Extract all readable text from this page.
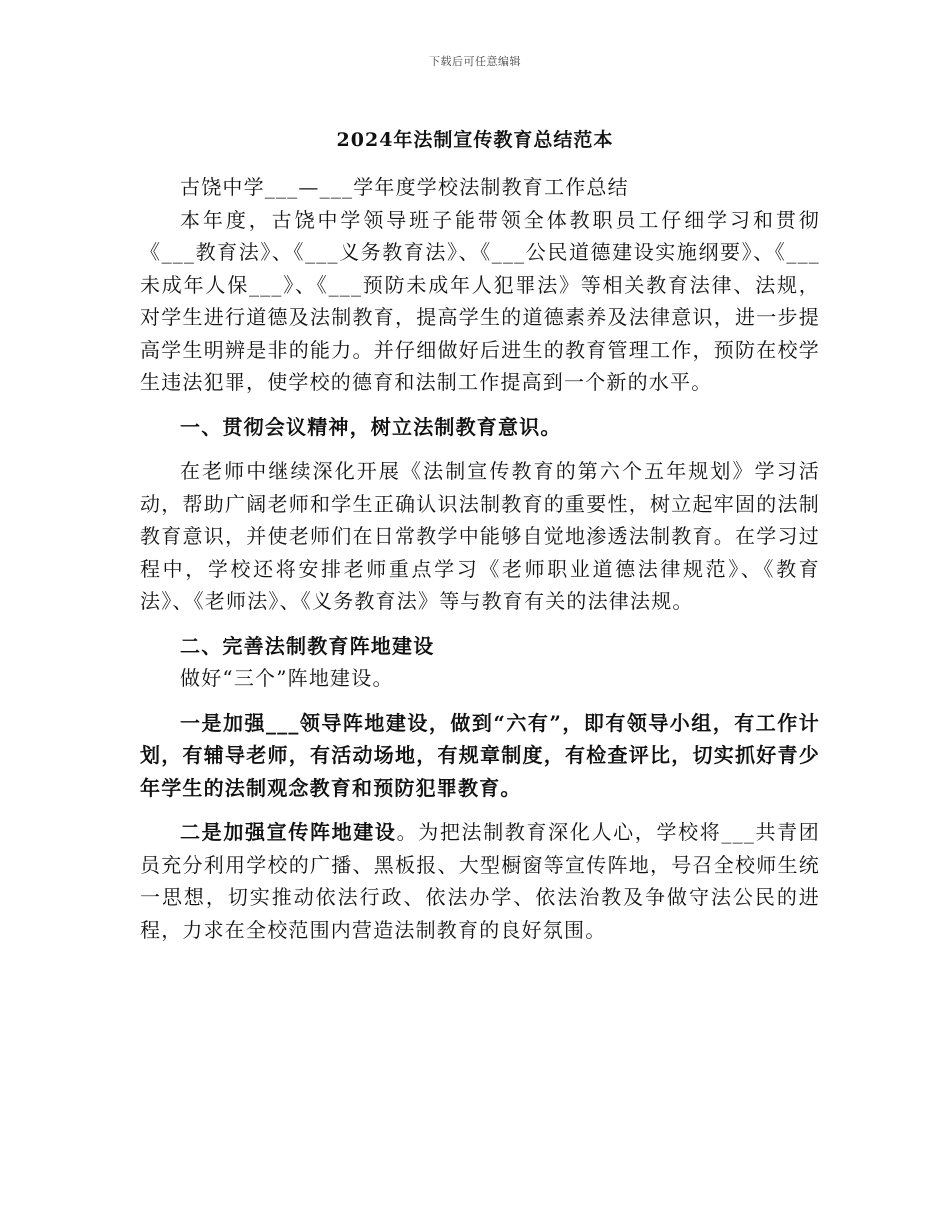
下载后可任意编辑
2024年法制宣传教育总结范本

古饶中学___—___学年度学校法制教育工作总结

本年度，古饶中学领导班子能带领全体教职员工仔细学习和贯彻《___教育法》、《___义务教育法》、《___公民道德建设实施纲要》、《___未成年人保___》、《___预防未成年人犯罪法》等相关教育法律、法规，对学生进行道德及法制教育，提高学生的道德素养及法律意识，进一步提高学生明辨是非的能力。并仔细做好后进生的教育管理工作，预防在校学生违法犯罪，使学校的德育和法制工作提高到一个新的水平。

一、贯彻会议精神，树立法制教育意识。

在老师中继续深化开展《法制宣传教育的第六个五年规划》学习活动，帮助广阔老师和学生正确认识法制教育的重要性，树立起牢固的法制教育意识，并使老师们在日常教学中能够自觉地渗透法制教育。在学习过程中，学校还将安排老师重点学习《老师职业道德法律规范》、《教育法》、《老师法》、《义务教育法》等与教育有关的法律法规。

二、完善法制教育阵地建设

做好“三个”阵地建设。

一是加强___领导阵地建设，做到“六有”，即有领导小组，有工作计划，有辅导老师，有活动场地，有规章制度，有检查评比，切实抓好青少年学生的法制观念教育和预防犯罪教育。

二是加强宣传阵地建设。为把法制教育深化人心，学校将___共青团员充分利用学校的广播、黑板报、大型橱窗等宣传阵地，号召全校师生统一思想，切实推动依法行政、依法办学、依法治教及争做守法公民的进程，力求在全校范围内营造法制教育的良好氛围。
